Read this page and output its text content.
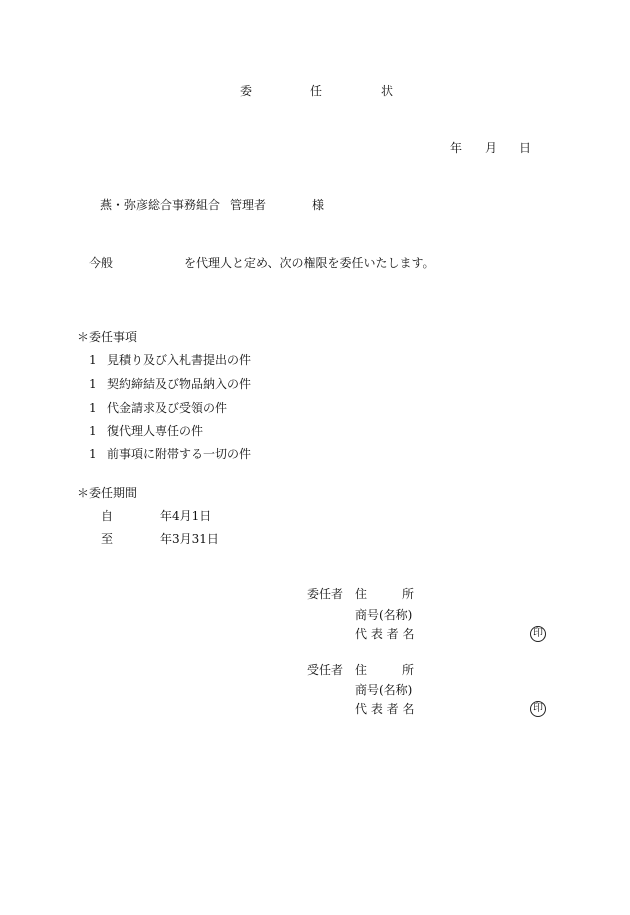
委	任	状
年 月 日
燕・弥彦総合事務組合 管理者	様
今般	を代理人と定め、次の権限を委任いたします。
＊委任事項
1 見積り及び入札書提出の件
1 契約締結及び物品納入の件
1 代金請求及び受領の件
1 復代理人専任の件
1 前事項に附帯する一切の件
＊委任期間
自	年4月1日
至	年3月31日
委任者 住	所
商号(名称)
代 表 者 名	印
受任者 住	所
商号(名称)
代 表 者 名	印
